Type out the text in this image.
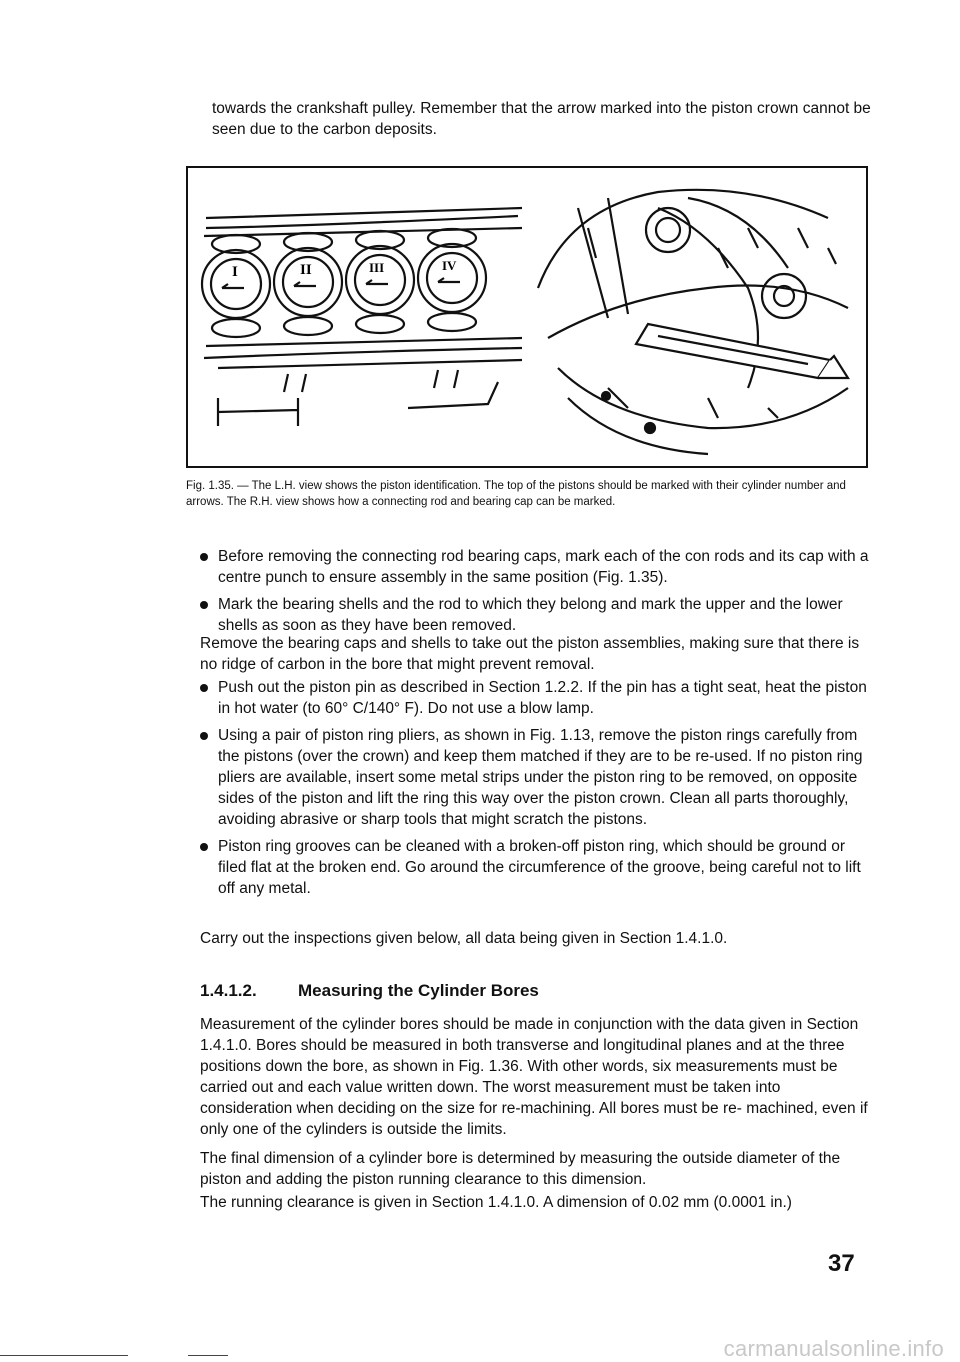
towards the crankshaft pulley. Remember that the arrow marked into the piston crown cannot be seen due to the carbon deposits.

I	II	III	IV

Fig. 1.35. — The L.H. view shows the piston identification. The top of the pistons should be marked with their cylinder number and arrows. The R.H. view shows how a connecting rod and bearing cap can be marked.

Before removing the connecting rod bearing caps, mark each of the con rods and its cap with a centre punch to ensure assembly in the same position (Fig. 1.35).
Mark the bearing shells and the rod to which they belong and mark the upper and the lower shells as soon as they have been removed.

Remove the bearing caps and shells to take out the piston assemblies, making sure that there is no ridge of carbon in the bore that might prevent removal.

Push out the piston pin as described in Section 1.2.2. If the pin has a tight seat, heat the piston in hot water (to 60° C/140° F). Do not use a blow lamp.
Using a pair of piston ring pliers, as shown in Fig. 1.13, remove the piston rings carefully from the pistons (over the crown) and keep them matched if they are to be re-used. If no piston ring pliers are available, insert some metal strips under the piston ring to be removed, on opposite sides of the piston and lift the ring this way over the piston crown. Clean all parts thoroughly, avoiding abrasive or sharp tools that might scratch the pistons.
Piston ring grooves can be cleaned with a broken-off piston ring, which should be ground or filed flat at the broken end. Go around the circumference of the groove, being careful not to lift off any metal.

Carry out the inspections given below, all data being given in Section 1.4.1.0.

1.4.1.2. Measuring the Cylinder Bores

Measurement of the cylinder bores should be made in conjunction with the data given in Section 1.4.1.0. Bores should be measured in both transverse and longitudinal planes and at the three positions down the bore, as shown in Fig. 1.36. With other words, six measurements must be carried out and each value written down. The worst measurement must be taken into consideration when deciding on the size for re-machining. All bores must be re- machined, even if only one of the cylinders is outside the limits.

The final dimension of a cylinder bore is determined by measuring the outside diameter of the piston and adding the piston running clearance to this dimension.

The running clearance is given in Section 1.4.1.0. A dimension of 0.02 mm (0.0001 in.)

37

carmanualsonline.info
